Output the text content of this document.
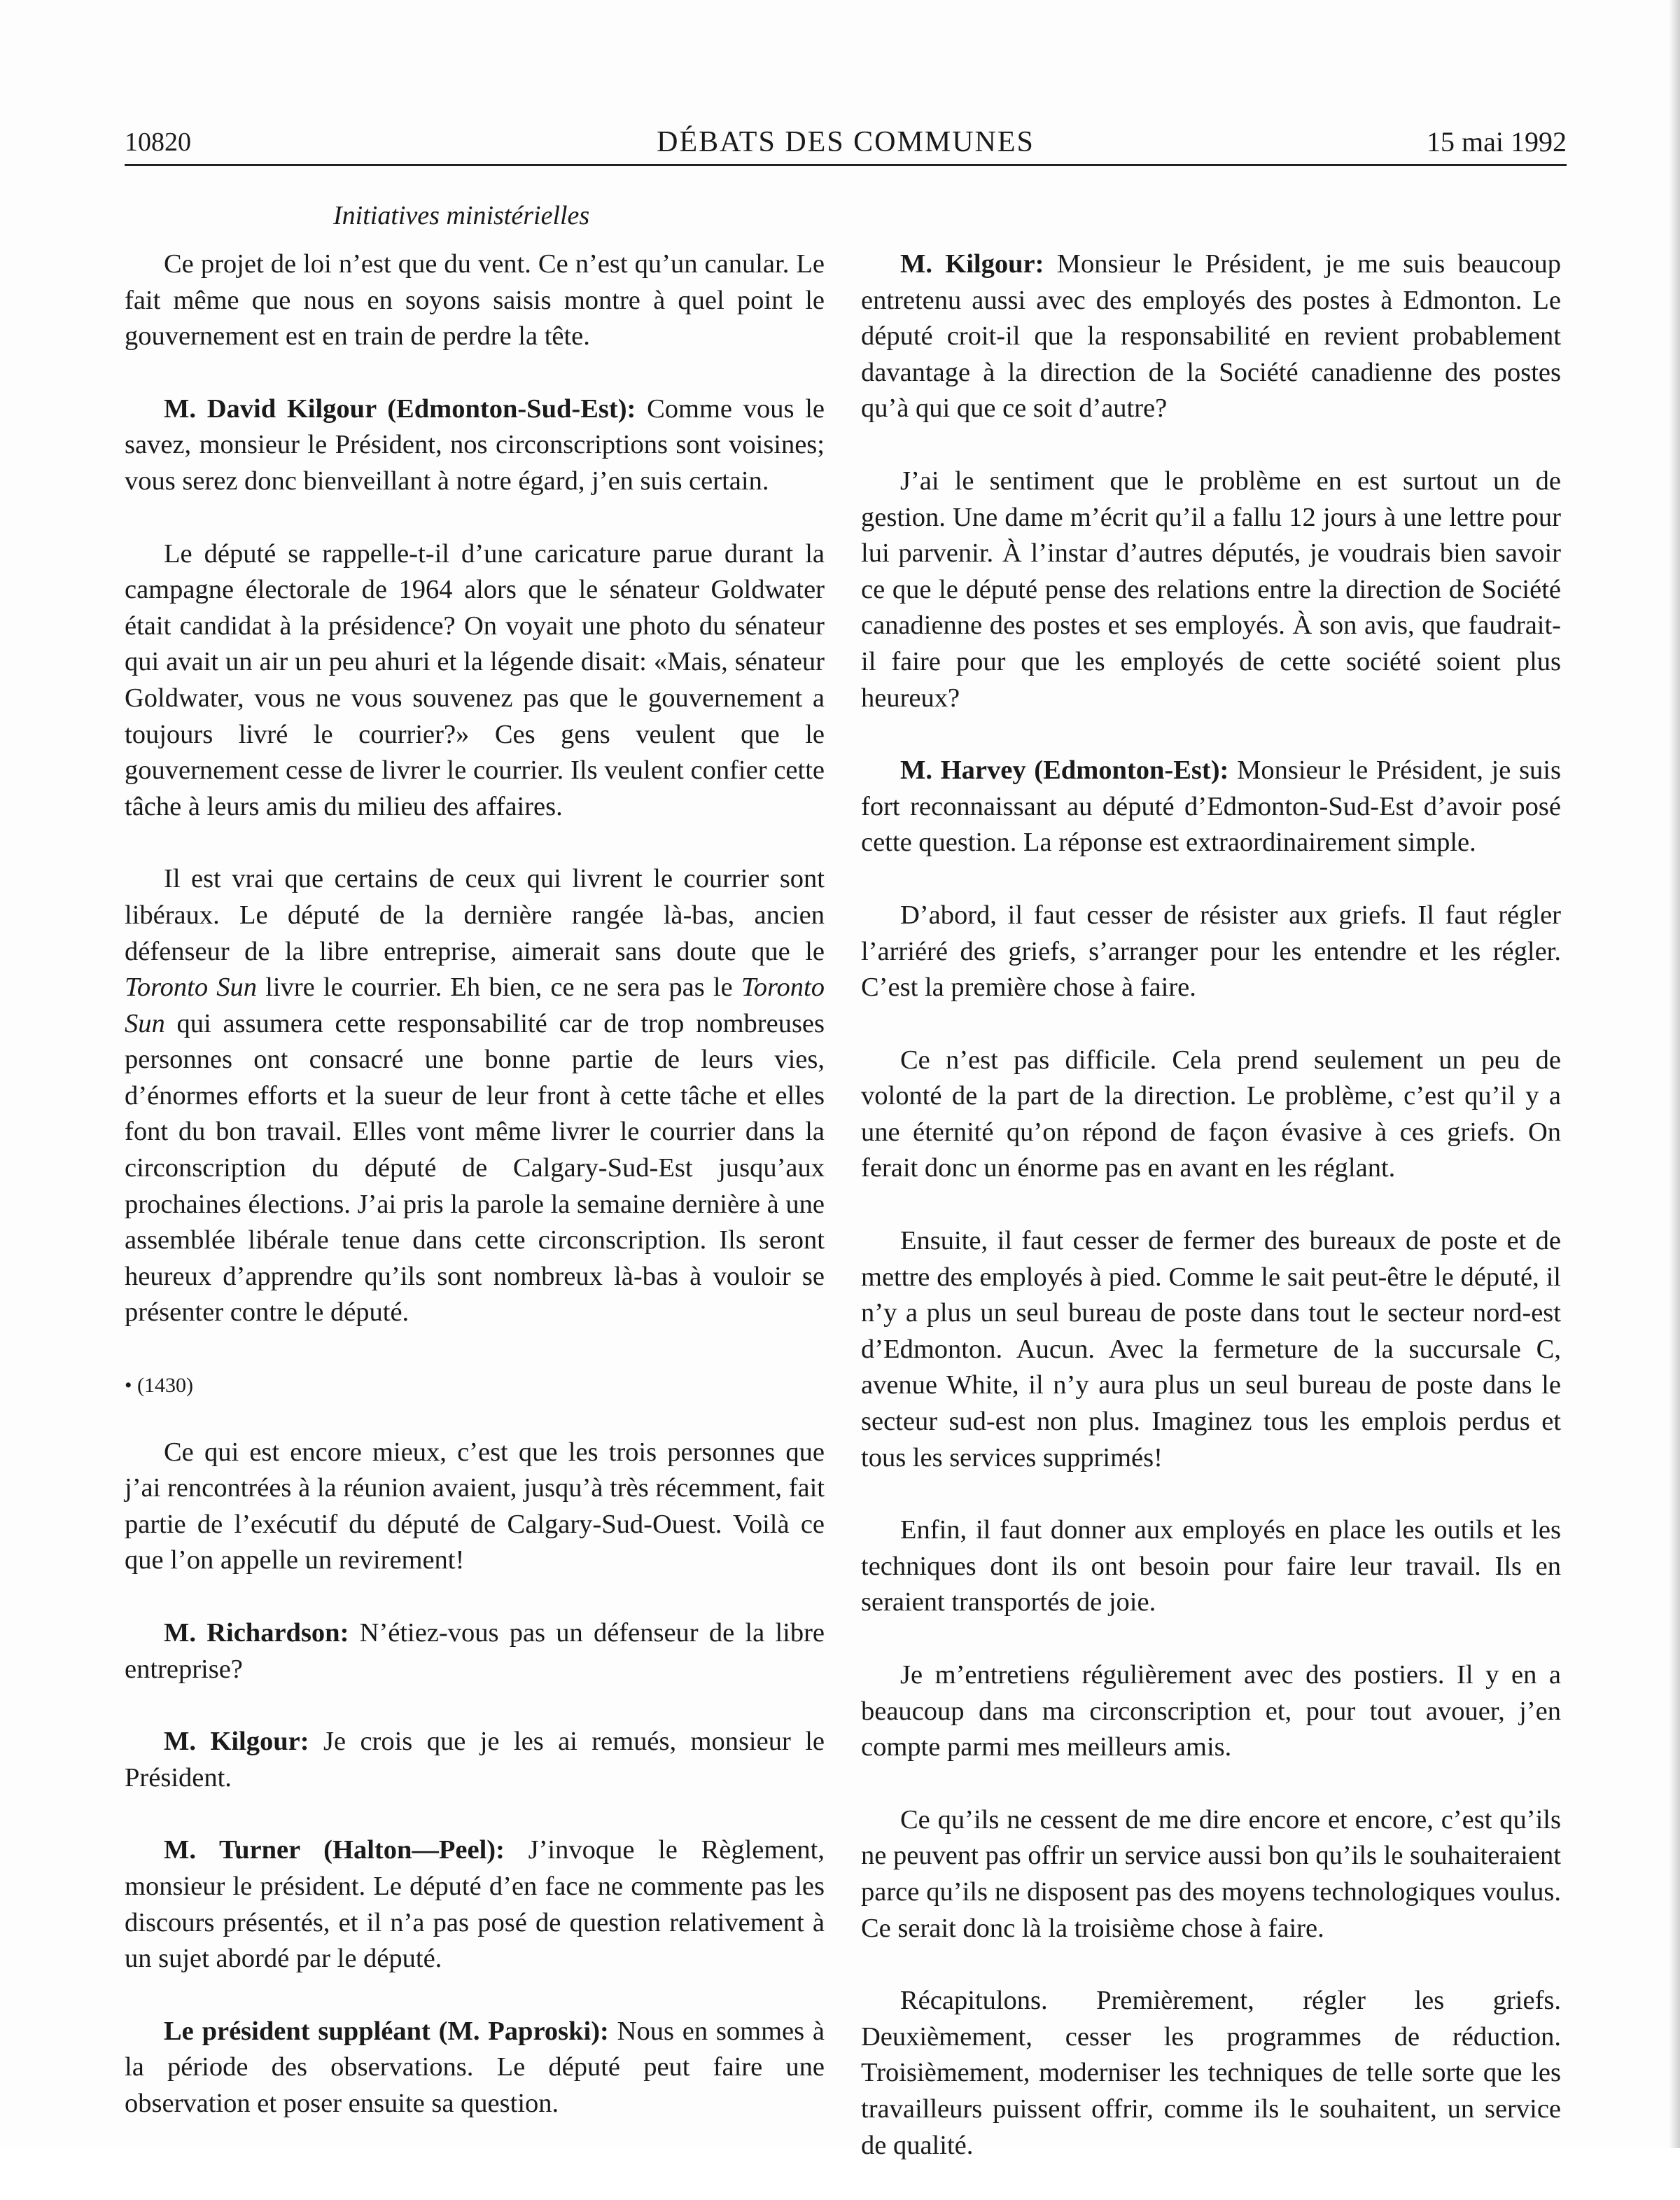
10820	DÉBATS DES COMMUNES	15 mai 1992
Initiatives ministérielles

Ce projet de loi n’est que du vent. Ce n’est qu’un canular. Le fait même que nous en soyons saisis montre à quel point le gouvernement est en train de perdre la tête.

M. David Kilgour (Edmonton-Sud-Est): Comme vous le savez, monsieur le Président, nos circonscriptions sont voisines; vous serez donc bienveillant à notre égard, j’en suis certain.

Le député se rappelle-t-il d’une caricature parue durant la campagne électorale de 1964 alors que le sénateur Goldwater était candidat à la présidence? On voyait une photo du sénateur qui avait un air un peu ahuri et la légende disait: «Mais, sénateur Goldwater, vous ne vous souvenez pas que le gouvernement a toujours livré le courrier?» Ces gens veulent que le gouvernement cesse de livrer le courrier. Ils veulent confier cette tâche à leurs amis du milieu des affaires.

Il est vrai que certains de ceux qui livrent le courrier sont libéraux. Le député de la dernière rangée là-bas, ancien défenseur de la libre entreprise, aimerait sans doute que le Toronto Sun livre le courrier. Eh bien, ce ne sera pas le Toronto Sun qui assumera cette responsabilité car de trop nombreuses personnes ont consacré une bonne partie de leurs vies, d’énormes efforts et la sueur de leur front à cette tâche et elles font du bon travail. Elles vont même livrer le courrier dans la circonscription du député de Calgary-Sud-Est jusqu’aux prochaines élections. J’ai pris la parole la semaine dernière à une assemblée libérale tenue dans cette circonscription. Ils seront heureux d’apprendre qu’ils sont nombreux là-bas à vouloir se présenter contre le député.

• (1430)

Ce qui est encore mieux, c’est que les trois personnes que j’ai rencontrées à la réunion avaient, jusqu’à très récemment, fait partie de l’exécutif du député de Calgary-Sud-Ouest. Voilà ce que l’on appelle un revirement!

M. Richardson: N’étiez-vous pas un défenseur de la libre entreprise?

M. Kilgour: Je crois que je les ai remués, monsieur le Président.

M. Turner (Halton—Peel): J’invoque le Règlement, monsieur le président. Le député d’en face ne commente pas les discours présentés, et il n’a pas posé de question relativement à un sujet abordé par le député.

Le président suppléant (M. Paproski): Nous en sommes à la période des observations. Le député peut faire une observation et poser ensuite sa question.

M. Kilgour: Monsieur le Président, je me suis beaucoup entretenu aussi avec des employés des postes à Edmonton. Le député croit-il que la responsabilité en revient probablement davantage à la direction de la Société canadienne des postes qu’à qui que ce soit d’autre?

J’ai le sentiment que le problème en est surtout un de gestion. Une dame m’écrit qu’il a fallu 12 jours à une lettre pour lui parvenir. À l’instar d’autres députés, je voudrais bien savoir ce que le député pense des relations entre la direction de Société canadienne des postes et ses employés. À son avis, que faudrait-il faire pour que les employés de cette société soient plus heureux?

M. Harvey (Edmonton-Est): Monsieur le Président, je suis fort reconnaissant au député d’Edmonton-Sud-Est d’avoir posé cette question. La réponse est extraordinairement simple.

D’abord, il faut cesser de résister aux griefs. Il faut régler l’arriéré des griefs, s’arranger pour les entendre et les régler. C’est la première chose à faire.

Ce n’est pas difficile. Cela prend seulement un peu de volonté de la part de la direction. Le problème, c’est qu’il y a une éternité qu’on répond de façon évasive à ces griefs. On ferait donc un énorme pas en avant en les réglant.

Ensuite, il faut cesser de fermer des bureaux de poste et de mettre des employés à pied. Comme le sait peut-être le député, il n’y a plus un seul bureau de poste dans tout le secteur nord-est d’Edmonton. Aucun. Avec la fermeture de la succursale C, avenue White, il n’y aura plus un seul bureau de poste dans le secteur sud-est non plus. Imaginez tous les emplois perdus et tous les services supprimés!

Enfin, il faut donner aux employés en place les outils et les techniques dont ils ont besoin pour faire leur travail. Ils en seraient transportés de joie.

Je m’entretiens régulièrement avec des postiers. Il y en a beaucoup dans ma circonscription et, pour tout avouer, j’en compte parmi mes meilleurs amis.

Ce qu’ils ne cessent de me dire encore et encore, c’est qu’ils ne peuvent pas offrir un service aussi bon qu’ils le souhaiteraient parce qu’ils ne disposent pas des moyens technologiques voulus. Ce serait donc là la troisième chose à faire.

Récapitulons. Premièrement, régler les griefs. Deuxièmement, cesser les programmes de réduction. Troisièmement, moderniser les techniques de telle sorte que les travailleurs puissent offrir, comme ils le souhaitent, un service de qualité.
